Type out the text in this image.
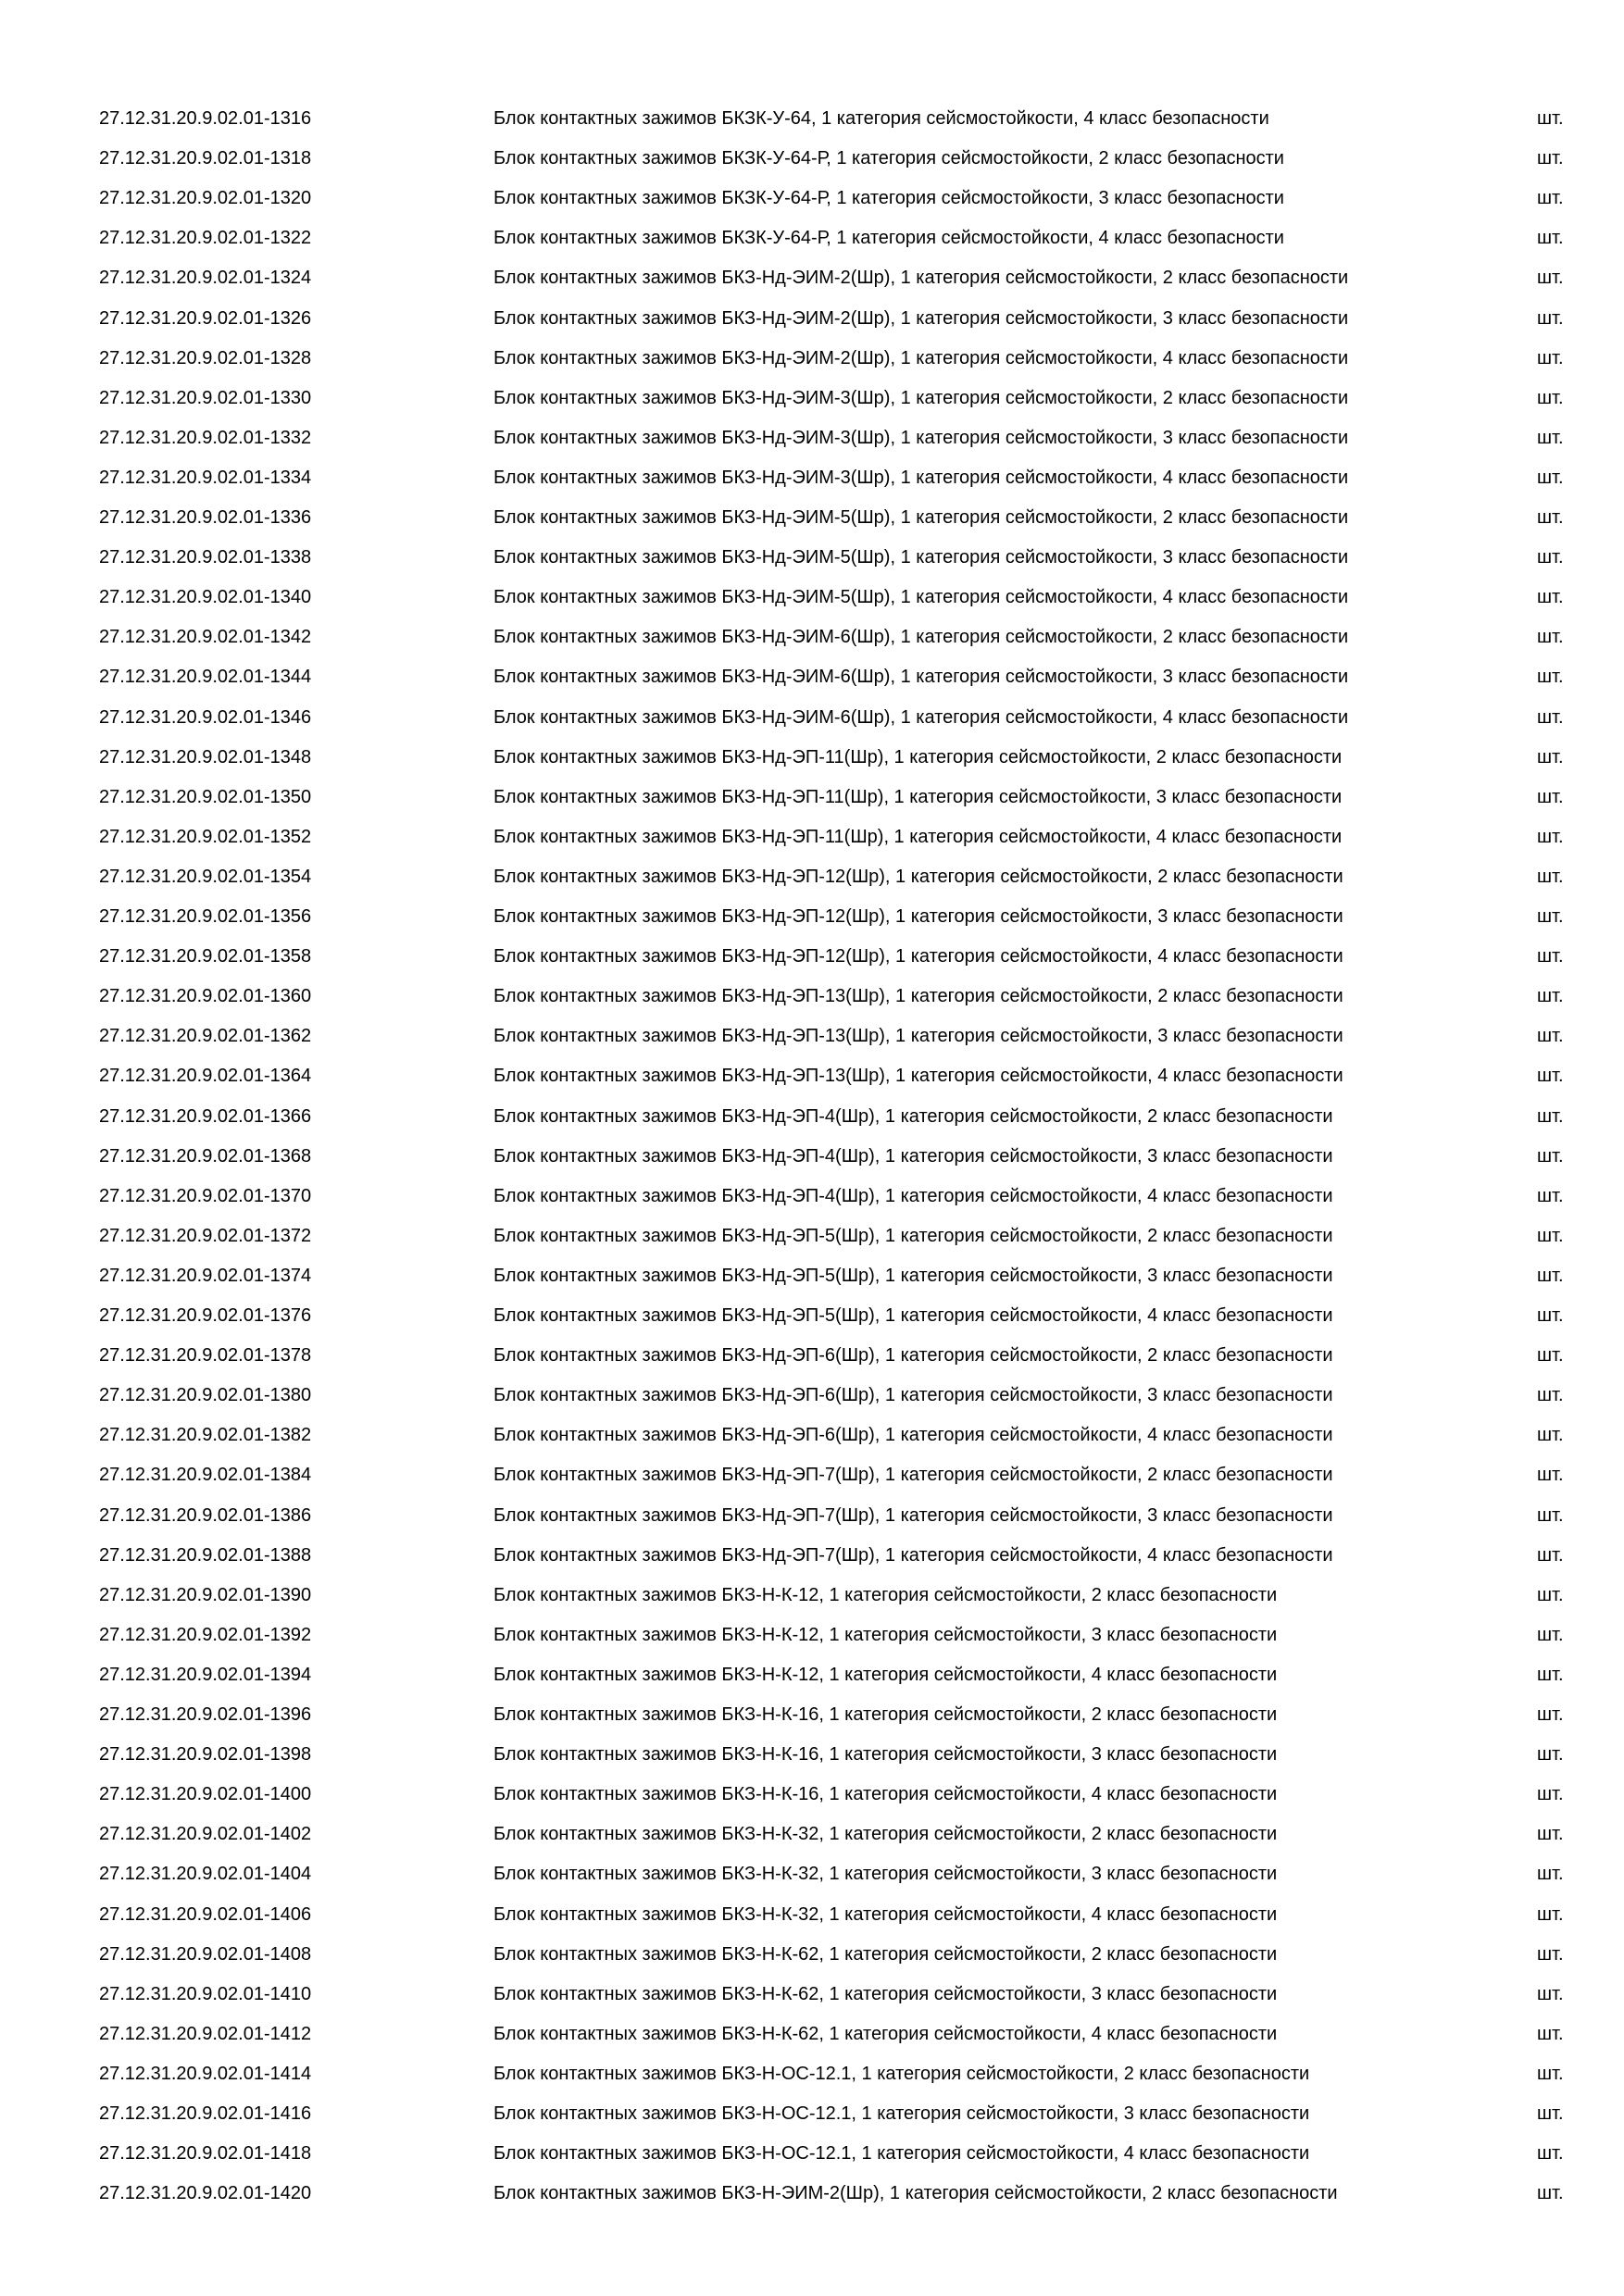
27.12.31.20.9.02.01-1316	Блок контактных зажимов БКЗК-У-64, 1 категория сейсмостойкости, 4 класс безопасности	шт.
27.12.31.20.9.02.01-1318	Блок контактных зажимов БКЗК-У-64-Р, 1 категория сейсмостойкости, 2 класс безопасности	шт.
27.12.31.20.9.02.01-1320	Блок контактных зажимов БКЗК-У-64-Р, 1 категория сейсмостойкости, 3 класс безопасности	шт.
27.12.31.20.9.02.01-1322	Блок контактных зажимов БКЗК-У-64-Р, 1 категория сейсмостойкости, 4 класс безопасности	шт.
27.12.31.20.9.02.01-1324	Блок контактных зажимов БКЗ-Нд-ЭИМ-2(Шр), 1 категория сейсмостойкости, 2 класс безопасности	шт.
27.12.31.20.9.02.01-1326	Блок контактных зажимов БКЗ-Нд-ЭИМ-2(Шр), 1 категория сейсмостойкости, 3 класс безопасности	шт.
27.12.31.20.9.02.01-1328	Блок контактных зажимов БКЗ-Нд-ЭИМ-2(Шр), 1 категория сейсмостойкости, 4 класс безопасности	шт.
27.12.31.20.9.02.01-1330	Блок контактных зажимов БКЗ-Нд-ЭИМ-3(Шр), 1 категория сейсмостойкости, 2 класс безопасности	шт.
27.12.31.20.9.02.01-1332	Блок контактных зажимов БКЗ-Нд-ЭИМ-3(Шр), 1 категория сейсмостойкости, 3 класс безопасности	шт.
27.12.31.20.9.02.01-1334	Блок контактных зажимов БКЗ-Нд-ЭИМ-3(Шр), 1 категория сейсмостойкости, 4 класс безопасности	шт.
27.12.31.20.9.02.01-1336	Блок контактных зажимов БКЗ-Нд-ЭИМ-5(Шр), 1 категория сейсмостойкости, 2 класс безопасности	шт.
27.12.31.20.9.02.01-1338	Блок контактных зажимов БКЗ-Нд-ЭИМ-5(Шр), 1 категория сейсмостойкости, 3 класс безопасности	шт.
27.12.31.20.9.02.01-1340	Блок контактных зажимов БКЗ-Нд-ЭИМ-5(Шр), 1 категория сейсмостойкости, 4 класс безопасности	шт.
27.12.31.20.9.02.01-1342	Блок контактных зажимов БКЗ-Нд-ЭИМ-6(Шр), 1 категория сейсмостойкости, 2 класс безопасности	шт.
27.12.31.20.9.02.01-1344	Блок контактных зажимов БКЗ-Нд-ЭИМ-6(Шр), 1 категория сейсмостойкости, 3 класс безопасности	шт.
27.12.31.20.9.02.01-1346	Блок контактных зажимов БКЗ-Нд-ЭИМ-6(Шр), 1 категория сейсмостойкости, 4 класс безопасности	шт.
27.12.31.20.9.02.01-1348	Блок контактных зажимов БКЗ-Нд-ЭП-11(Шр), 1 категория сейсмостойкости, 2 класс безопасности	шт.
27.12.31.20.9.02.01-1350	Блок контактных зажимов БКЗ-Нд-ЭП-11(Шр), 1 категория сейсмостойкости, 3 класс безопасности	шт.
27.12.31.20.9.02.01-1352	Блок контактных зажимов БКЗ-Нд-ЭП-11(Шр), 1 категория сейсмостойкости, 4 класс безопасности	шт.
27.12.31.20.9.02.01-1354	Блок контактных зажимов БКЗ-Нд-ЭП-12(Шр), 1 категория сейсмостойкости, 2 класс безопасности	шт.
27.12.31.20.9.02.01-1356	Блок контактных зажимов БКЗ-Нд-ЭП-12(Шр), 1 категория сейсмостойкости, 3 класс безопасности	шт.
27.12.31.20.9.02.01-1358	Блок контактных зажимов БКЗ-Нд-ЭП-12(Шр), 1 категория сейсмостойкости, 4 класс безопасности	шт.
27.12.31.20.9.02.01-1360	Блок контактных зажимов БКЗ-Нд-ЭП-13(Шр), 1 категория сейсмостойкости, 2 класс безопасности	шт.
27.12.31.20.9.02.01-1362	Блок контактных зажимов БКЗ-Нд-ЭП-13(Шр), 1 категория сейсмостойкости, 3 класс безопасности	шт.
27.12.31.20.9.02.01-1364	Блок контактных зажимов БКЗ-Нд-ЭП-13(Шр), 1 категория сейсмостойкости, 4 класс безопасности	шт.
27.12.31.20.9.02.01-1366	Блок контактных зажимов БКЗ-Нд-ЭП-4(Шр), 1 категория сейсмостойкости, 2 класс безопасности	шт.
27.12.31.20.9.02.01-1368	Блок контактных зажимов БКЗ-Нд-ЭП-4(Шр), 1 категория сейсмостойкости, 3 класс безопасности	шт.
27.12.31.20.9.02.01-1370	Блок контактных зажимов БКЗ-Нд-ЭП-4(Шр), 1 категория сейсмостойкости, 4 класс безопасности	шт.
27.12.31.20.9.02.01-1372	Блок контактных зажимов БКЗ-Нд-ЭП-5(Шр), 1 категория сейсмостойкости, 2 класс безопасности	шт.
27.12.31.20.9.02.01-1374	Блок контактных зажимов БКЗ-Нд-ЭП-5(Шр), 1 категория сейсмостойкости, 3 класс безопасности	шт.
27.12.31.20.9.02.01-1376	Блок контактных зажимов БКЗ-Нд-ЭП-5(Шр), 1 категория сейсмостойкости, 4 класс безопасности	шт.
27.12.31.20.9.02.01-1378	Блок контактных зажимов БКЗ-Нд-ЭП-6(Шр), 1 категория сейсмостойкости, 2 класс безопасности	шт.
27.12.31.20.9.02.01-1380	Блок контактных зажимов БКЗ-Нд-ЭП-6(Шр), 1 категория сейсмостойкости, 3 класс безопасности	шт.
27.12.31.20.9.02.01-1382	Блок контактных зажимов БКЗ-Нд-ЭП-6(Шр), 1 категория сейсмостойкости, 4 класс безопасности	шт.
27.12.31.20.9.02.01-1384	Блок контактных зажимов БКЗ-Нд-ЭП-7(Шр), 1 категория сейсмостойкости, 2 класс безопасности	шт.
27.12.31.20.9.02.01-1386	Блок контактных зажимов БКЗ-Нд-ЭП-7(Шр), 1 категория сейсмостойкости, 3 класс безопасности	шт.
27.12.31.20.9.02.01-1388	Блок контактных зажимов БКЗ-Нд-ЭП-7(Шр), 1 категория сейсмостойкости, 4 класс безопасности	шт.
27.12.31.20.9.02.01-1390	Блок контактных зажимов БКЗ-Н-К-12, 1 категория сейсмостойкости, 2 класс безопасности	шт.
27.12.31.20.9.02.01-1392	Блок контактных зажимов БКЗ-Н-К-12, 1 категория сейсмостойкости, 3 класс безопасности	шт.
27.12.31.20.9.02.01-1394	Блок контактных зажимов БКЗ-Н-К-12, 1 категория сейсмостойкости, 4 класс безопасности	шт.
27.12.31.20.9.02.01-1396	Блок контактных зажимов БКЗ-Н-К-16, 1 категория сейсмостойкости, 2 класс безопасности	шт.
27.12.31.20.9.02.01-1398	Блок контактных зажимов БКЗ-Н-К-16, 1 категория сейсмостойкости, 3 класс безопасности	шт.
27.12.31.20.9.02.01-1400	Блок контактных зажимов БКЗ-Н-К-16, 1 категория сейсмостойкости, 4 класс безопасности	шт.
27.12.31.20.9.02.01-1402	Блок контактных зажимов БКЗ-Н-К-32, 1 категория сейсмостойкости, 2 класс безопасности	шт.
27.12.31.20.9.02.01-1404	Блок контактных зажимов БКЗ-Н-К-32, 1 категория сейсмостойкости, 3 класс безопасности	шт.
27.12.31.20.9.02.01-1406	Блок контактных зажимов БКЗ-Н-К-32, 1 категория сейсмостойкости, 4 класс безопасности	шт.
27.12.31.20.9.02.01-1408	Блок контактных зажимов БКЗ-Н-К-62, 1 категория сейсмостойкости, 2 класс безопасности	шт.
27.12.31.20.9.02.01-1410	Блок контактных зажимов БКЗ-Н-К-62, 1 категория сейсмостойкости, 3 класс безопасности	шт.
27.12.31.20.9.02.01-1412	Блок контактных зажимов БКЗ-Н-К-62, 1 категория сейсмостойкости, 4 класс безопасности	шт.
27.12.31.20.9.02.01-1414	Блок контактных зажимов БКЗ-Н-ОС-12.1, 1 категория сейсмостойкости, 2 класс безопасности	шт.
27.12.31.20.9.02.01-1416	Блок контактных зажимов БКЗ-Н-ОС-12.1, 1 категория сейсмостойкости, 3 класс безопасности	шт.
27.12.31.20.9.02.01-1418	Блок контактных зажимов БКЗ-Н-ОС-12.1, 1 категория сейсмостойкости, 4 класс безопасности	шт.
27.12.31.20.9.02.01-1420	Блок контактных зажимов БКЗ-Н-ЭИМ-2(Шр), 1 категория сейсмостойкости, 2 класс безопасности	шт.
